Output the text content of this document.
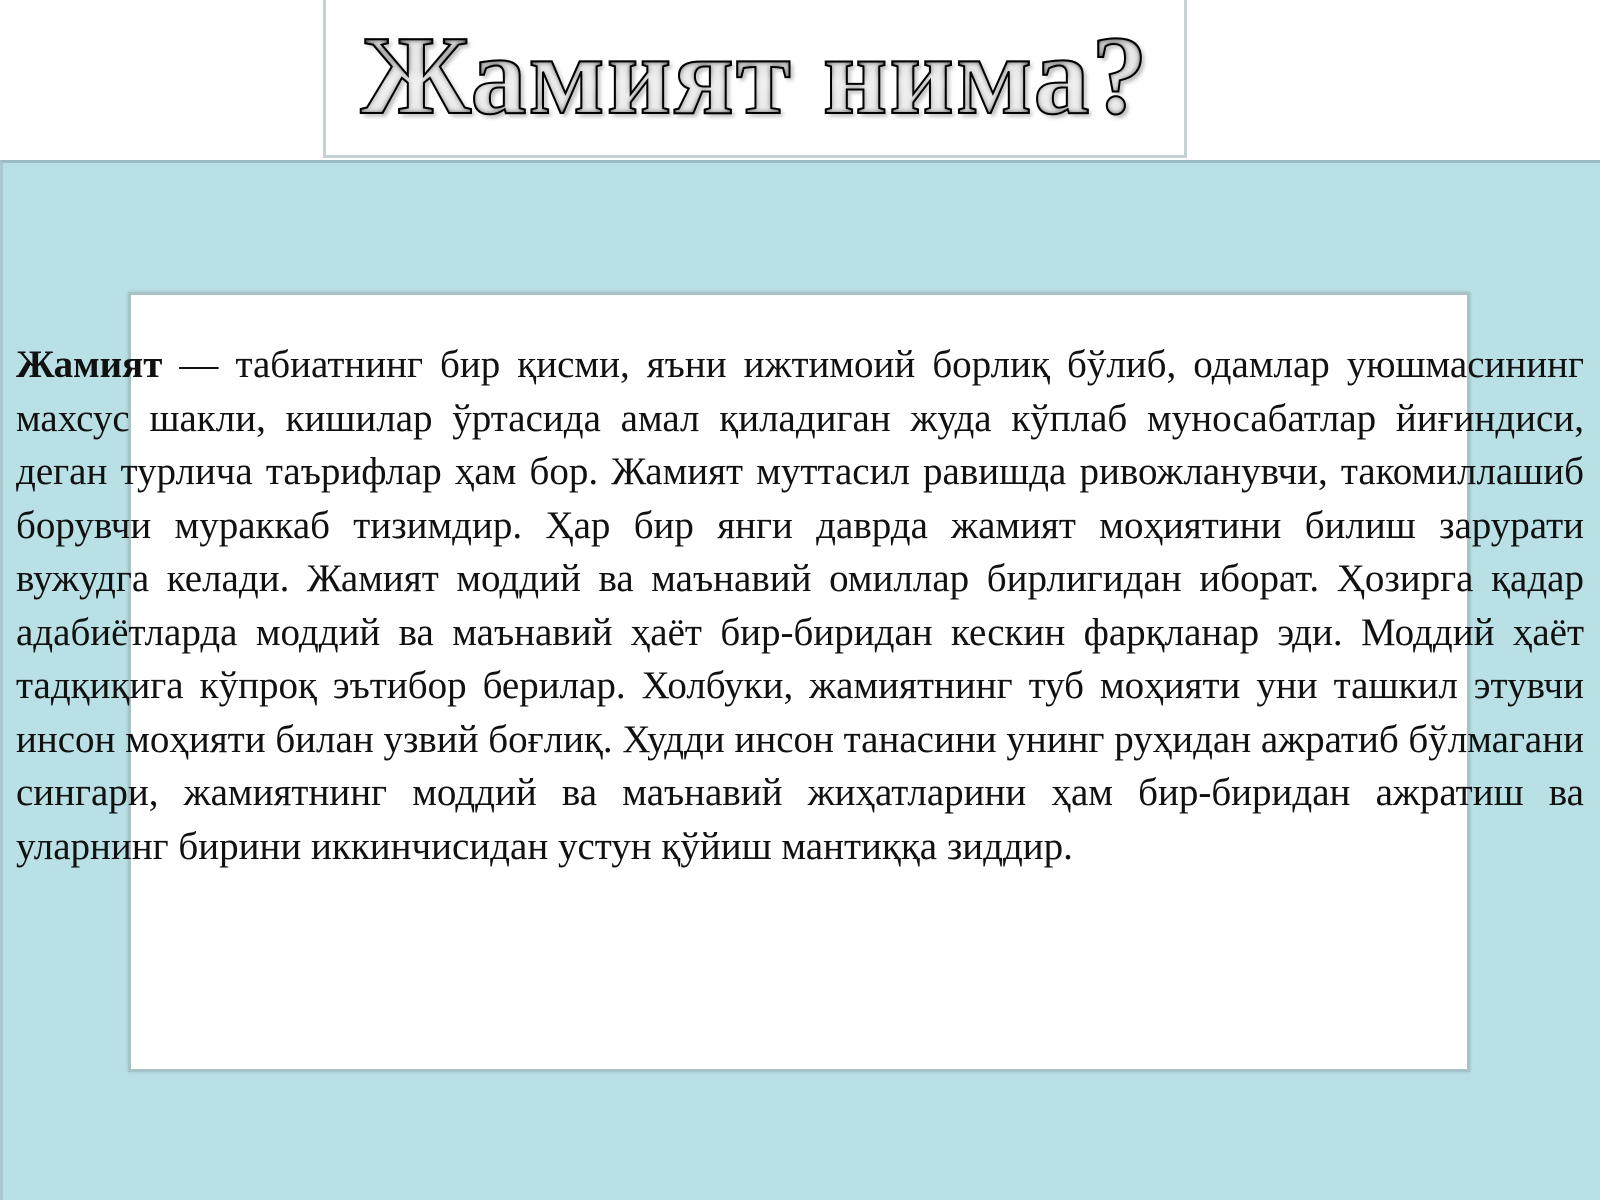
Жамият нима?

Жамият — табиатнинг бир қисми, яъни ижтимоий борлиқ бўлиб, одамлар уюшмасининг махсус шакли, кишилар ўртасида амал қиладиган жуда кўплаб муносабатлар йиғиндиси, деган турлича таърифлар ҳам бор. Жамият муттасил равишда ривожланувчи, такомиллашиб борувчи мураккаб тизимдир. Ҳар бир янги даврда жамият моҳиятини билиш зарурати вужудга келади. Жамият моддий ва маънавий омиллар бирлигидан иборат. Ҳозирга қадар адабиётларда моддий ва маънавий ҳаёт бир-биридан кескин фарқланар эди. Моддий ҳаёт тадқиқига кўпроқ эътибор берилар. Холбуки, жамиятнинг туб моҳияти уни ташкил этувчи инсон моҳияти билан узвий боғлиқ. Худди инсон танасини унинг руҳидан ажратиб бўлмагани сингари, жамиятнинг моддий ва маънавий жиҳатларини ҳам бир-биридан ажратиш ва уларнинг бирини иккинчисидан устун қўйиш мантиққа зиддир.
